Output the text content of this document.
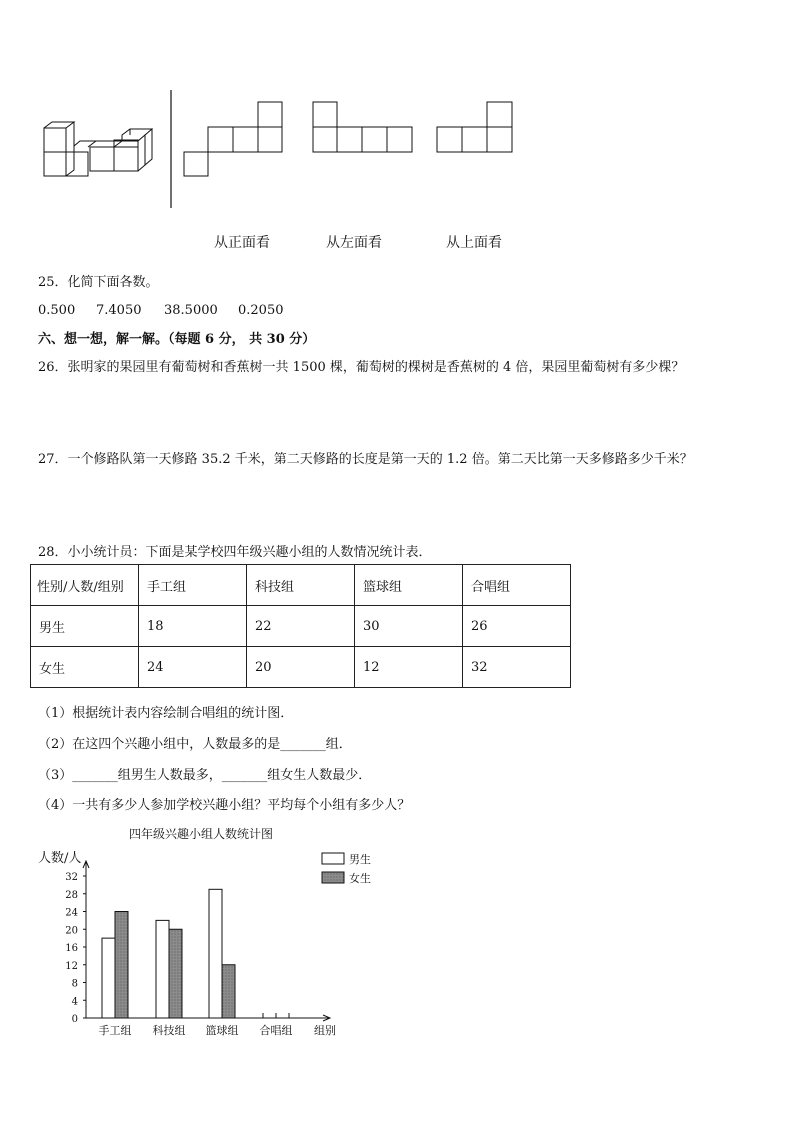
从正面看	从左面看	从上面看
25．化简下面各数。
0.500 7.4050 38.5000 0.2050
六、想一想，解一解。（每题 6 分， 共 30 分）
26．张明家的果园里有葡萄树和香蕉树一共 1500 棵，葡萄树的棵树是香蕉树的 4 倍，果园里葡萄树有多少棵？
27．一个修路队第一天修路 35.2 千米，第二天修路的长度是第一天的 1.2 倍。第二天比第一天多修路多少千米？
28．小小统计员：下面是某学校四年级兴趣小组的人数情况统计表．
性别/人数/组别	手工组	科技组	篮球组	合唱组
男生	18	22	30	26
女生	24	20	12	32
（1）根据统计表内容绘制合唱组的统计图．
（2）在这四个兴趣小组中，人数最多的是_______组．
（3）_______组男生人数最多，_______组女生人数最少．
（4）一共有多少人参加学校兴趣小组？平均每个小组有多少人？
四年级兴趣小组人数统计图
人数/人
组别
0
4
8
12
16
20
24
28
32
手工组 科技组 篮球组 合唱组
男生
女生
